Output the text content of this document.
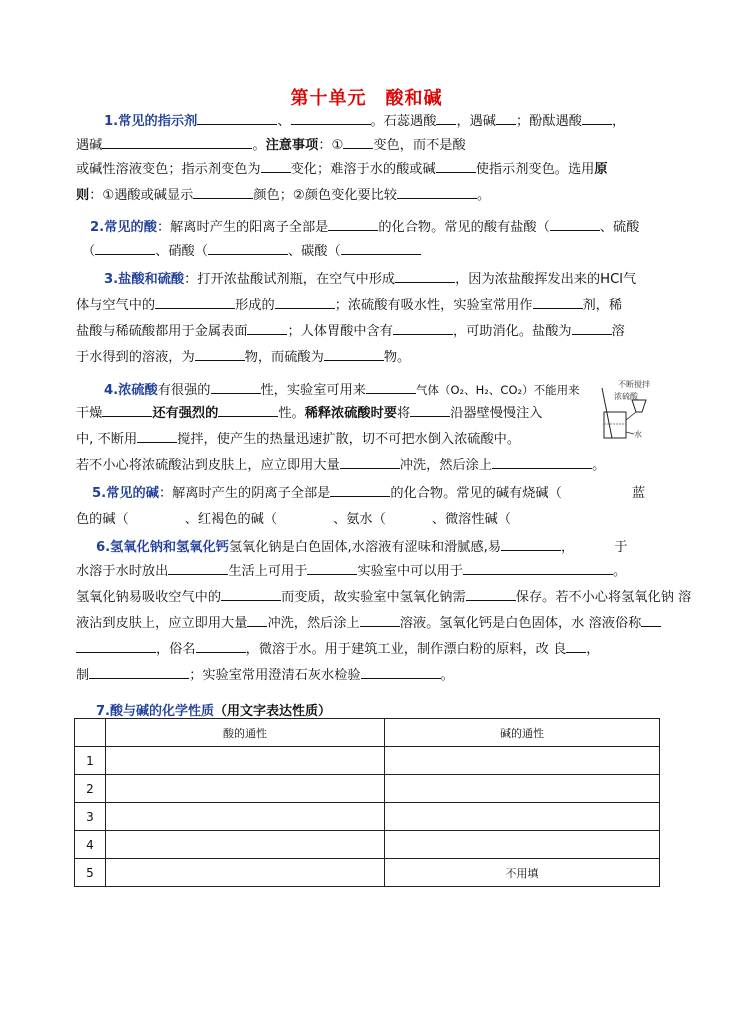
第十单元　酸和碱
1.常见的指示剂	、	。石蕊遇酸 ，遇碱 ；酚酞遇酸 ，
遇碱	。注意事项：① 变色，而不是酸
或碱性溶液变色；指示剂变色为 变化；难溶于水的酸或碱	使指示剂变色。选用原
则：①遇酸或碱显示	颜色；②颜色变化要比较	。
2.常见的酸：解离时产生的阳离子全部是	的化合物。常见的酸有盐酸（	、硫酸
（	、硝酸（	、碳酸（
3.盐酸和硫酸：打开浓盐酸试剂瓶，在空气中形成	，因为浓盐酸挥发出来的HCl气
体与空气中的	形成的	；浓硫酸有吸水性，实验室常用作	剂，稀
盐酸与稀硫酸都用于金属表面	；人体胃酸中含有	，可助消化。盐酸为	溶
于水得到的溶液，为	物，而硫酸为	物。
4.浓硫酸有很强的	性，实验室可用来	气体（O₂、H₂、CO₂）不能用来
干燥	还有强烈的	性。稀释浓硫酸时要将	沿器壁慢慢注入
中, 不断用	搅拌，使产生的热量迅速扩散，切不可把水倒入浓硫酸中。
若不小心将浓硫酸沾到皮肤上，应立即用大量	冲洗，然后涂上	。
不断搅拌
浓硫酸
水
5.常见的碱：解离时产生的阴离子全部是	的化合物。常见的碱有烧碱（	蓝
色的碱（	、红褐色的碱（	、氨水（	、微溶性碱（
6.氢氧化钠和氢氧化钙氢氧化钠是白色固体,水溶液有涩味和滑腻感,易	，	于
水溶于水时放出	生活上可用于	实验室中可以用于	。
氢氧化钠易吸收空气中的	而变质，故实验室中氢氧化钠需	保存。若不小心将氢氧化钠 溶
液沾到皮肤上，应立即用大量 冲洗，然后涂上	溶液。氢氧化钙是白色固体，水 溶液俗称
，俗名	，微溶于水。用于建筑工业，制作漂白粉的原料，改 良 ，
制	；实验室常用澄清石灰水检验	。
7.酸与碱的化学性质（用文字表达性质）
	酸的通性	碱的通性
1		
2		
3		
4		
5		不用填
